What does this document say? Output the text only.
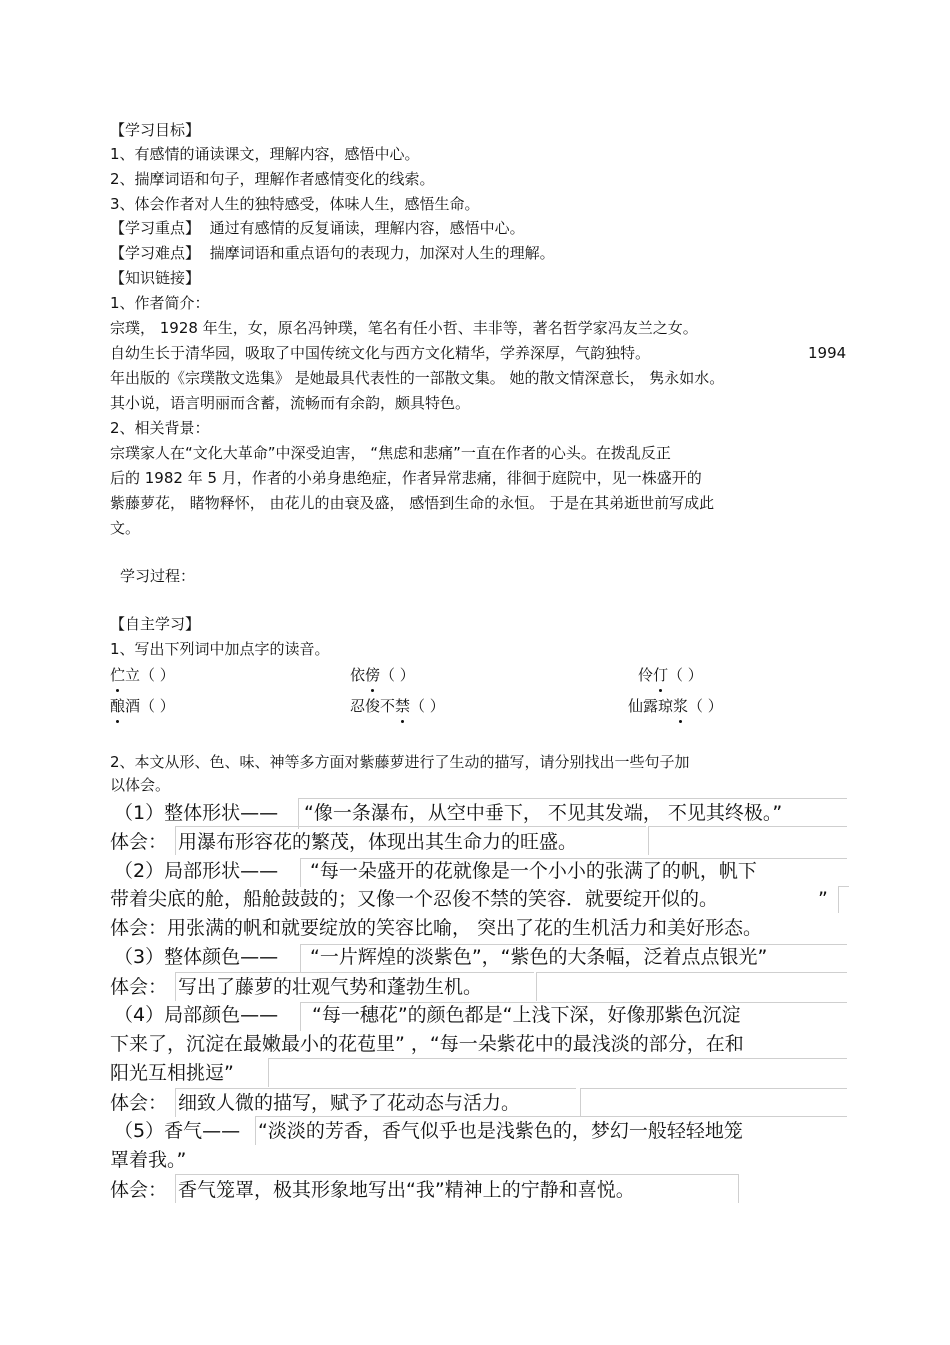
【学习目标】
1、有感情的诵读课文，理解内容，感悟中心。
2、揣摩词语和句子，理解作者感情变化的线索。
3、体会作者对人生的独特感受，体味人生，感悟生命。
【学习重点】 通过有感情的反复诵读，理解内容，感悟中心。
【学习难点】 揣摩词语和重点语句的表现力，加深对人生的理解。
【知识链接】
1、作者简介：
宗璞， 1928 年生，女，原名冯钟璞，笔名有任小哲、丰非等，著名哲学家冯友兰之女。
自幼生长于清华园，吸取了中国传统文化与西方文化精华，学养深厚，气韵独特。	1994
年出版的《宗璞散文选集》 是她最具代表性的一部散文集。 她的散文情深意长， 隽永如水。
其小说，语言明丽而含蓄，流畅而有余韵，颇具特色。
2、相关背景：
宗璞家人在“文化大革命”中深受迫害， “焦虑和悲痛”一直在作者的心头。在拨乱反正
后的 1982 年 5 月，作者的小弟身患绝症，作者异常悲痛，徘徊于庭院中，见一株盛开的
紫藤萝花， 睹物释怀， 由花儿的由衰及盛， 感悟到生命的永恒。 于是在其弟逝世前写成此
文。
学习过程：
【自主学习】
1、写出下列词中加点字的读音。
伫立（ ）	依傍（ ）	伶仃（ ）
酿酒（ ）	忍俊不禁（ ）	仙露琼浆（ ）
2、本文从形、色、味、神等多方面对紫藤萝进行了生动的描写，请分别找出一些句子加
以体会。
（1）整体形状—— “像一条瀑布，从空中垂下， 不见其发端， 不见其终极。”
体会： 用瀑布形容花的繁茂，体现出其生命力的旺盛。
（2）局部形状—— “每一朵盛开的花就像是一个小小的张满了的帆，帆下
带着尖底的舱，船舱鼓鼓的；又像一个忍俊不禁的笑容．就要绽开似的。	”
体会：用张满的帆和就要绽放的笑容比喻， 突出了花的生机活力和美好形态。
（3）整体颜色—— “一片辉煌的淡紫色”，“紫色的大条幅，泛着点点银光”
体会： 写出了藤萝的壮观气势和蓬勃生机。
（4）局部颜色—— “每一穗花”的颜色都是“上浅下深，好像那紫色沉淀
下来了，沉淀在最嫩最小的花苞里” ，“每一朵紫花中的最浅淡的部分，在和
阳光互相挑逗”
体会： 细致人微的描写，赋予了花动态与活力。
（5）香气—— “淡淡的芳香，香气似乎也是浅紫色的，梦幻一般轻轻地笼
罩着我。”
体会： 香气笼罩，极其形象地写出“我”精神上的宁静和喜悦。
